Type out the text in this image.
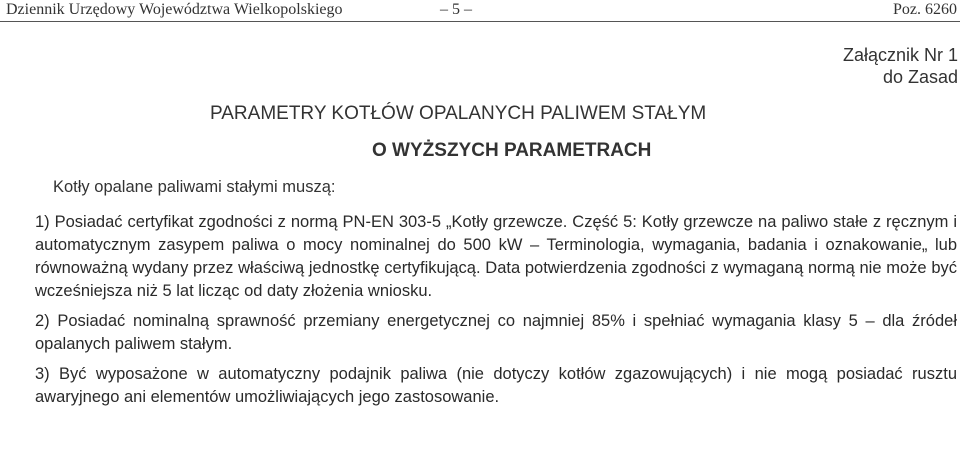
Dziennik Urzędowy Województwa Wielkopolskiego	– 5 –	Poz. 6260
Załącznik Nr 1
do Zasad
PARAMETRY KOTŁÓW OPALANYCH PALIWEM STAŁYM
O WYŻSZYCH PARAMETRACH
Kotły opalane paliwami stałymi muszą:

1) Posiadać certyfikat zgodności z normą PN-EN 303-5 „Kotły grzewcze. Część 5: Kotły grzewcze na paliwo stałe z ręcznym i automatycznym zasypem paliwa o mocy nominalnej do 500 kW – Terminologia, wymagania, badania i oznakowanie„ lub równoważną wydany przez właściwą jednostkę certyfikującą. Data potwierdzenia zgodności z wymaganą normą nie może być wcześniejsza niż 5 lat licząc od daty złożenia wniosku.

2) Posiadać nominalną sprawność przemiany energetycznej co najmniej 85% i spełniać wymagania klasy 5 – dla źródeł opalanych paliwem stałym.

3) Być wyposażone w automatyczny podajnik paliwa (nie dotyczy kotłów zgazowujących) i nie mogą posiadać rusztu awaryjnego ani elementów umożliwiających jego zastosowanie.
